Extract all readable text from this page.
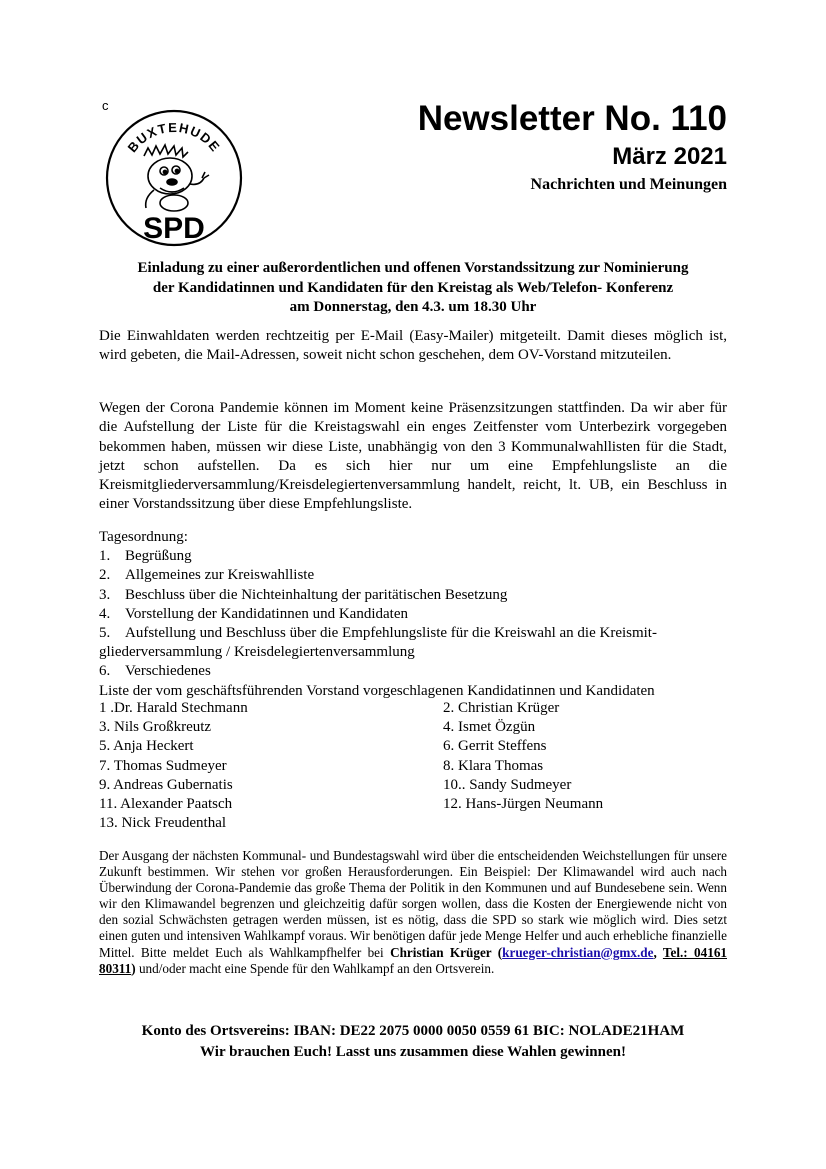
c
BUXTEHUDE
SPD
Newsletter No. 110
März 2021
Nachrichten und Meinungen
Einladung zu einer außerordentlichen und offenen Vorstandssitzung zur Nominierung
der Kandidatinnen und Kandidaten für den Kreistag als Web/Telefon- Konferenz
am Donnerstag, den 4.3. um 18.30 Uhr
Die Einwahldaten werden rechtzeitig per E-Mail (Easy-Mailer) mitgeteilt. Damit dieses möglich ist, wird gebeten, die Mail-Adressen, soweit nicht schon geschehen, dem OV-Vorstand mitzuteilen.
Wegen der Corona Pandemie können im Moment keine Präsenzsitzungen stattfinden. Da wir aber für die Aufstellung der Liste für die Kreistagswahl ein enges Zeitfenster vom Unterbezirk vorgegeben bekommen haben, müssen wir diese Liste, unabhängig von den 3 Kommunalwahllisten für die Stadt, jetzt schon aufstellen. Da es sich hier nur um eine Empfehlungsliste an die Kreismitgliederversammlung/Kreisdelegiertenversammlung handelt, reicht, lt. UB, ein Beschluss in einer Vorstandssitzung über diese Empfehlungsliste.
Tagesordnung:
1. Begrüßung
2. Allgemeines zur Kreiswahlliste
3. Beschluss über die Nichteinhaltung der paritätischen Besetzung
4. Vorstellung der Kandidatinnen und Kandidaten
5. Aufstellung und Beschluss über die Empfehlungsliste für die Kreiswahl an die Kreismitgliederversammlung / Kreisdelegiertenversammlung
6. Verschiedenes
Liste der vom geschäftsführenden Vorstand vorgeschlagenen Kandidatinnen und Kandidaten
1 .Dr. Harald Stechmann	2. Christian Krüger
3. Nils Großkreutz	4. Ismet Özgün
5. Anja Heckert	6. Gerrit Steffens
7. Thomas Sudmeyer	8. Klara Thomas
9. Andreas Gubernatis	10.. Sandy Sudmeyer
11. Alexander Paatsch	12. Hans-Jürgen Neumann
13. Nick Freudenthal
Der Ausgang der nächsten Kommunal- und Bundestagswahl wird über die entscheidenden Weichstellungen für unsere Zukunft bestimmen. Wir stehen vor großen Herausforderungen. Ein Beispiel: Der Klimawandel wird auch nach Überwindung der Corona-Pandemie das große Thema der Politik in den Kommunen und auf Bundesebene sein. Wenn wir den Klimawandel begrenzen und gleichzeitig dafür sorgen wollen, dass die Kosten der Energiewende nicht von den sozial Schwächsten getragen werden müssen, ist es nötig, dass die SPD so stark wie möglich wird. Dies setzt einen guten und intensiven Wahlkampf voraus. Wir benötigen dafür jede Menge Helfer und auch erhebliche finanzielle Mittel. Bitte meldet Euch als Wahlkampfhelfer bei Christian Krüger (krueger-christian@gmx.de, Tel.: 04161 80311) und/oder macht eine Spende für den Wahlkampf an den Ortsverein.
Konto des Ortsvereins: IBAN: DE22 2075 0000 0050 0559 61 BIC: NOLADE21HAM
Wir brauchen Euch! Lasst uns zusammen diese Wahlen gewinnen!
